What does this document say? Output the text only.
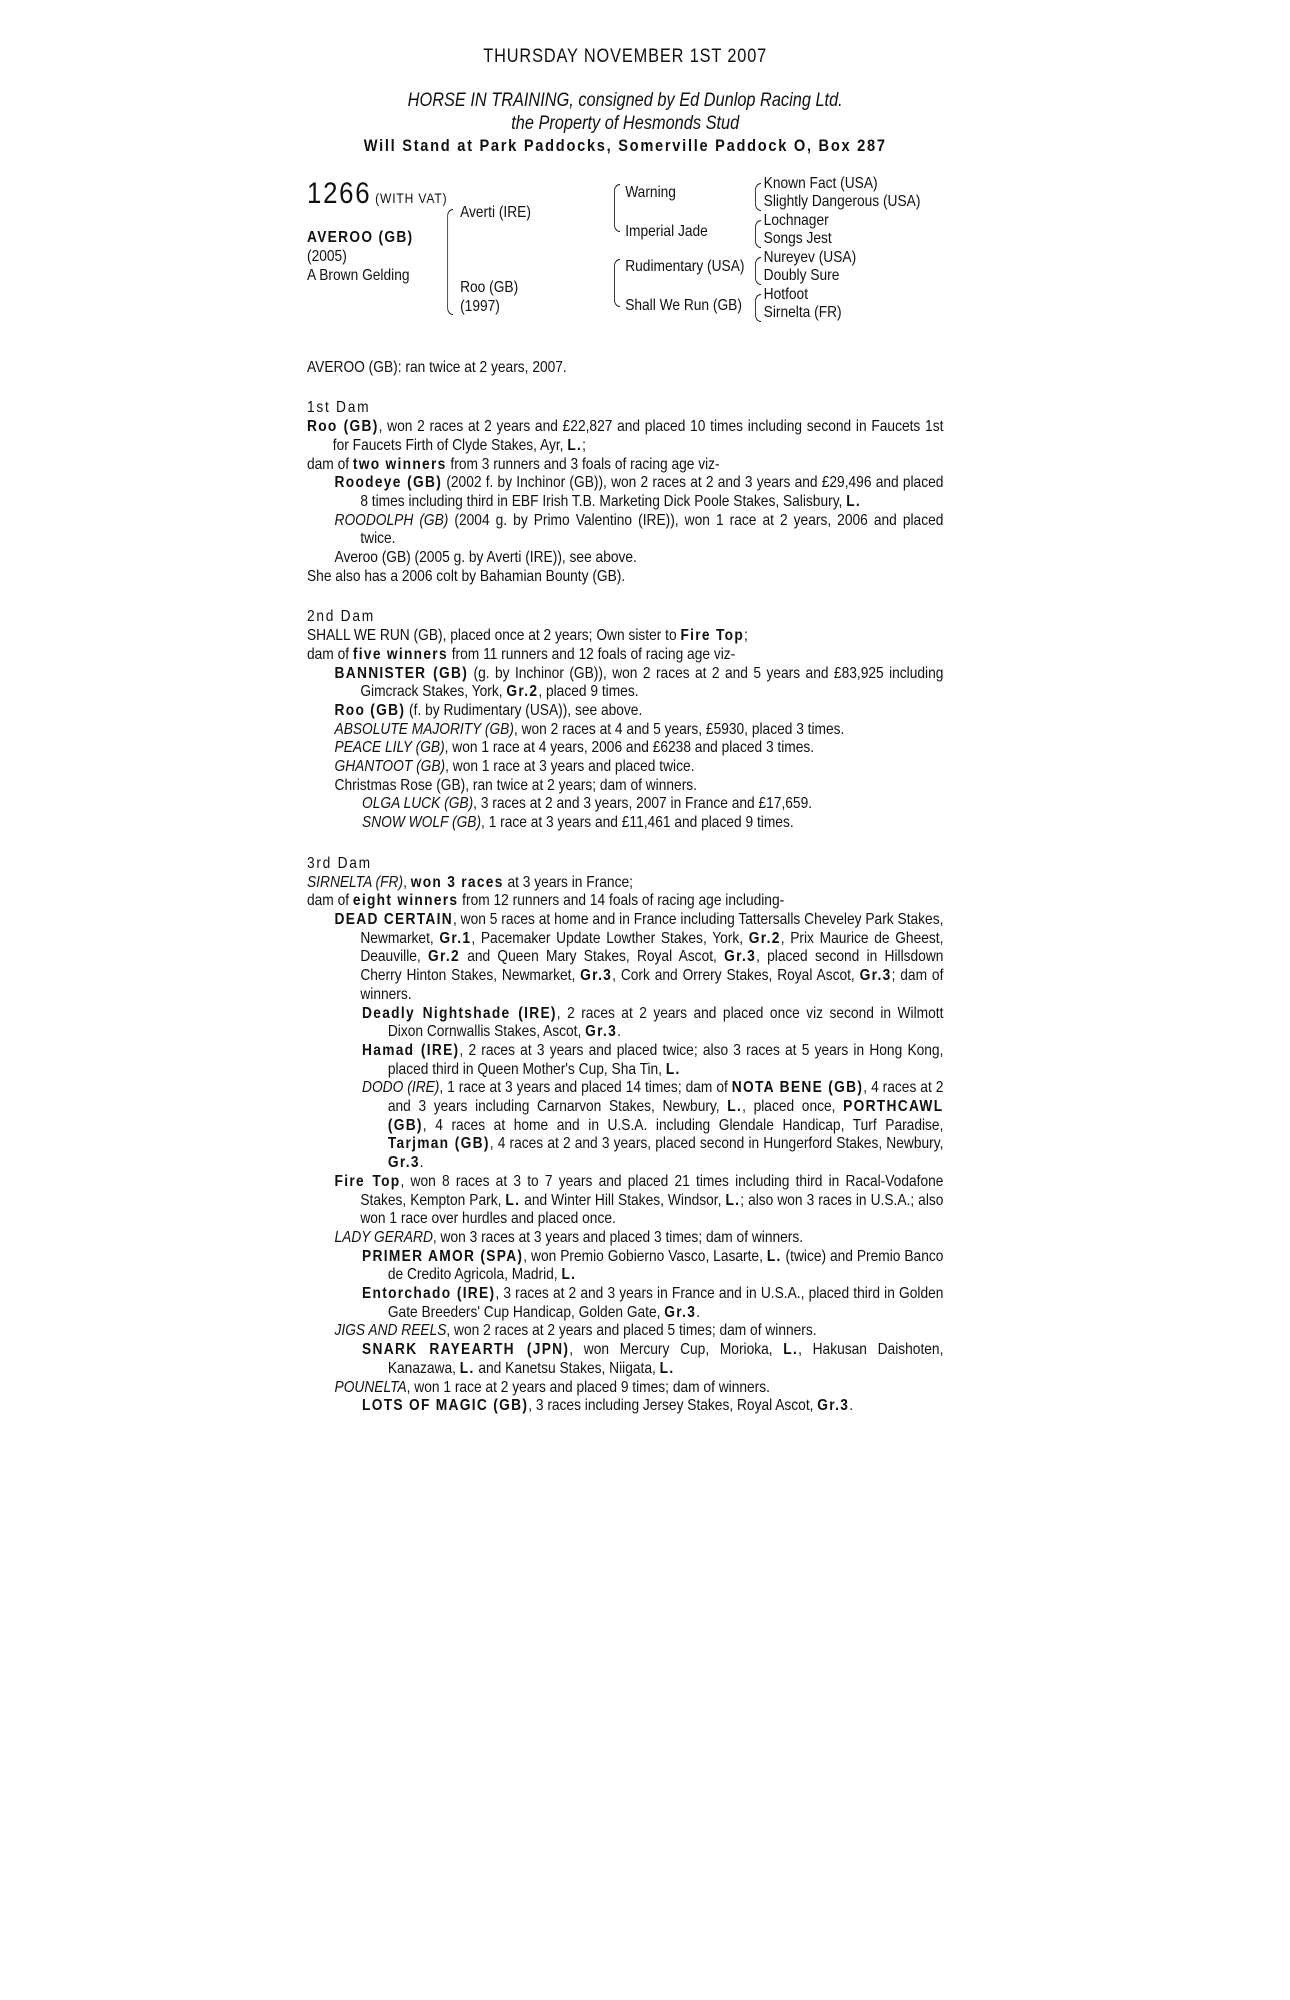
THURSDAY NOVEMBER 1ST 2007
HORSE IN TRAINING, consigned by Ed Dunlop Racing Ltd.
the Property of Hesmonds Stud
Will Stand at Park Paddocks, Somerville Paddock O, Box 287
1266 (WITH VAT)
AVEROO (GB)
(2005)
A Brown Gelding
Averti (IRE)
Roo (GB)
(1997)
Warning
Imperial Jade
Rudimentary (USA)
Shall We Run (GB)
Known Fact (USA)
Slightly Dangerous (USA)
Lochnager
Songs Jest
Nureyev (USA)
Doubly Sure
Hotfoot
Sirnelta (FR)
AVEROO (GB): ran twice at 2 years, 2007.
1st Dam
Roo (GB), won 2 races at 2 years and £22,827 and placed 10 times including second in Faucets 1st for Faucets Firth of Clyde Stakes, Ayr, L.;
dam of two winners from 3 runners and 3 foals of racing age viz-
Roodeye (GB) (2002 f. by Inchinor (GB)), won 2 races at 2 and 3 years and £29,496 and placed 8 times including third in EBF Irish T.B. Marketing Dick Poole Stakes, Salisbury, L.
ROODOLPH (GB) (2004 g. by Primo Valentino (IRE)), won 1 race at 2 years, 2006 and placed twice.
Averoo (GB) (2005 g. by Averti (IRE)), see above.
She also has a 2006 colt by Bahamian Bounty (GB).
2nd Dam
SHALL WE RUN (GB), placed once at 2 years; Own sister to Fire Top;
dam of five winners from 11 runners and 12 foals of racing age viz-
BANNISTER (GB) (g. by Inchinor (GB)), won 2 races at 2 and 5 years and £83,925 including Gimcrack Stakes, York, Gr.2, placed 9 times.
Roo (GB) (f. by Rudimentary (USA)), see above.
ABSOLUTE MAJORITY (GB), won 2 races at 4 and 5 years, £5930, placed 3 times.
PEACE LILY (GB), won 1 race at 4 years, 2006 and £6238 and placed 3 times.
GHANTOOT (GB), won 1 race at 3 years and placed twice.
Christmas Rose (GB), ran twice at 2 years; dam of winners.
OLGA LUCK (GB), 3 races at 2 and 3 years, 2007 in France and £17,659.
SNOW WOLF (GB), 1 race at 3 years and £11,461 and placed 9 times.
3rd Dam
SIRNELTA (FR), won 3 races at 3 years in France;
dam of eight winners from 12 runners and 14 foals of racing age including-
DEAD CERTAIN, won 5 races at home and in France including Tattersalls Cheveley Park Stakes, Newmarket, Gr.1, Pacemaker Update Lowther Stakes, York, Gr.2, Prix Maurice de Gheest, Deauville, Gr.2 and Queen Mary Stakes, Royal Ascot, Gr.3, placed second in Hillsdown Cherry Hinton Stakes, Newmarket, Gr.3, Cork and Orrery Stakes, Royal Ascot, Gr.3; dam of winners.
Deadly Nightshade (IRE), 2 races at 2 years and placed once viz second in Wilmott Dixon Cornwallis Stakes, Ascot, Gr.3.
Hamad (IRE), 2 races at 3 years and placed twice; also 3 races at 5 years in Hong Kong, placed third in Queen Mother's Cup, Sha Tin, L.
DODO (IRE), 1 race at 3 years and placed 14 times; dam of NOTA BENE (GB), 4 races at 2 and 3 years including Carnarvon Stakes, Newbury, L., placed once, PORTHCAWL (GB), 4 races at home and in U.S.A. including Glendale Handicap, Turf Paradise, Tarjman (GB), 4 races at 2 and 3 years, placed second in Hungerford Stakes, Newbury, Gr.3.
Fire Top, won 8 races at 3 to 7 years and placed 21 times including third in Racal-Vodafone Stakes, Kempton Park, L. and Winter Hill Stakes, Windsor, L.; also won 3 races in U.S.A.; also won 1 race over hurdles and placed once.
LADY GERARD, won 3 races at 3 years and placed 3 times; dam of winners.
PRIMER AMOR (SPA), won Premio Gobierno Vasco, Lasarte, L. (twice) and Premio Banco de Credito Agricola, Madrid, L.
Entorchado (IRE), 3 races at 2 and 3 years in France and in U.S.A., placed third in Golden Gate Breeders' Cup Handicap, Golden Gate, Gr.3.
JIGS AND REELS, won 2 races at 2 years and placed 5 times; dam of winners.
SNARK RAYEARTH (JPN), won Mercury Cup, Morioka, L., Hakusan Daishoten, Kanazawa, L. and Kanetsu Stakes, Niigata, L.
POUNELTA, won 1 race at 2 years and placed 9 times; dam of winners.
LOTS OF MAGIC (GB), 3 races including Jersey Stakes, Royal Ascot, Gr.3.
